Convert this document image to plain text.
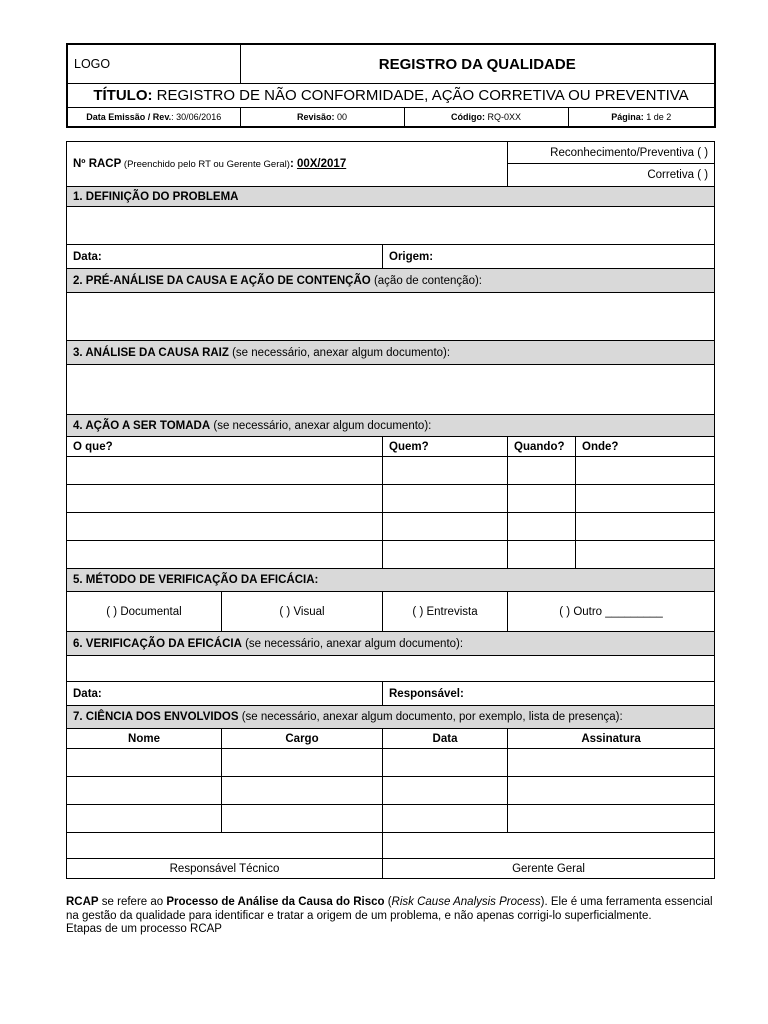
LOGO	REGISTRO DA QUALIDADE		
TÍTULO: REGISTRO DE NÃO CONFORMIDADE, AÇÃO CORRETIVA OU PREVENTIVA			
Data Emissão / Rev.: 30/06/2016	Revisão: 00	Código: RQ-0XX	Página: 1 de 2
Nº RACP (Preenchido pelo RT ou Gerente Geral): 00X/2017			Reconhecimento/Preventiva ( )	
			Corretiva ( )	
1. DEFINIÇÃO DO PROBLEMA				

Data:		Origem:		
2. PRÉ-ANÁLISE DA CAUSA E AÇÃO DE CONTENÇÃO (ação de contenção):				

3. ANÁLISE DA CAUSA RAIZ (se necessário, anexar algum documento):				

4. AÇÃO A SER TOMADA (se necessário, anexar algum documento):				
O que?		Quem?	Quando?	Onde?

5. MÉTODO DE VERIFICAÇÃO DA EFICÁCIA:				
( ) Documental	( ) Visual	( ) Entrevista	( ) Outro _________	
6. VERIFICAÇÃO DA EFICÁCIA (se necessário, anexar algum documento):				

Data:		Responsável:		
7. CIÊNCIA DOS ENVOLVIDOS (se necessário, anexar algum documento, por exemplo, lista de presença):				
Nome	Cargo	Data	Assinatura	

Responsável Técnico		Gerente Geral		

RCAP se refere ao Processo de Análise da Causa do Risco (Risk Cause Analysis Process). Ele é uma ferramenta essencial na gestão da qualidade para identificar e tratar a origem de um problema, e não apenas corrigi-lo superficialmente.

Etapas de um processo RCAP
